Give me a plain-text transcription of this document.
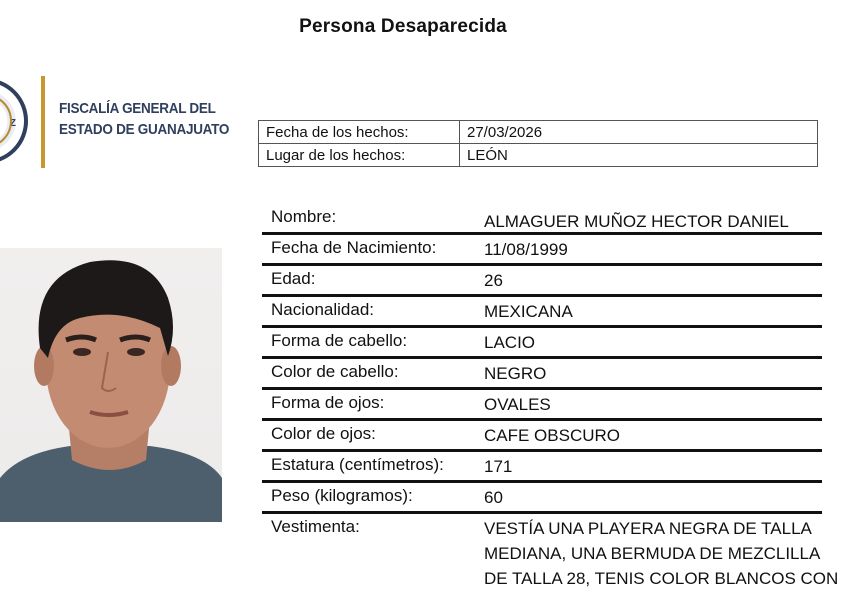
Persona Desaparecida
Z
FISCALÍA GENERAL DEL
ESTADO DE GUANAJUATO Fecha de los hechos:	27/03/2026
Lugar de los hechos:	LEÓN
Nombre:	ALMAGUER MUÑOZ HECTOR DANIEL
Fecha de Nacimiento:	11/08/1999
Edad:	26
Nacionalidad:	MEXICANA
Forma de cabello:	LACIO
Color de cabello:	NEGRO
Forma de ojos:	OVALES
Color de ojos:	CAFE OBSCURO
Estatura (centímetros): 171
Peso (kilogramos):	60
Vestimenta:	VESTÍA UNA PLAYERA NEGRA DE TALLA MEDIANA, UNA BERMUDA DE MEZCLILLA DE TALLA 28, TENIS COLOR BLANCOS CON
